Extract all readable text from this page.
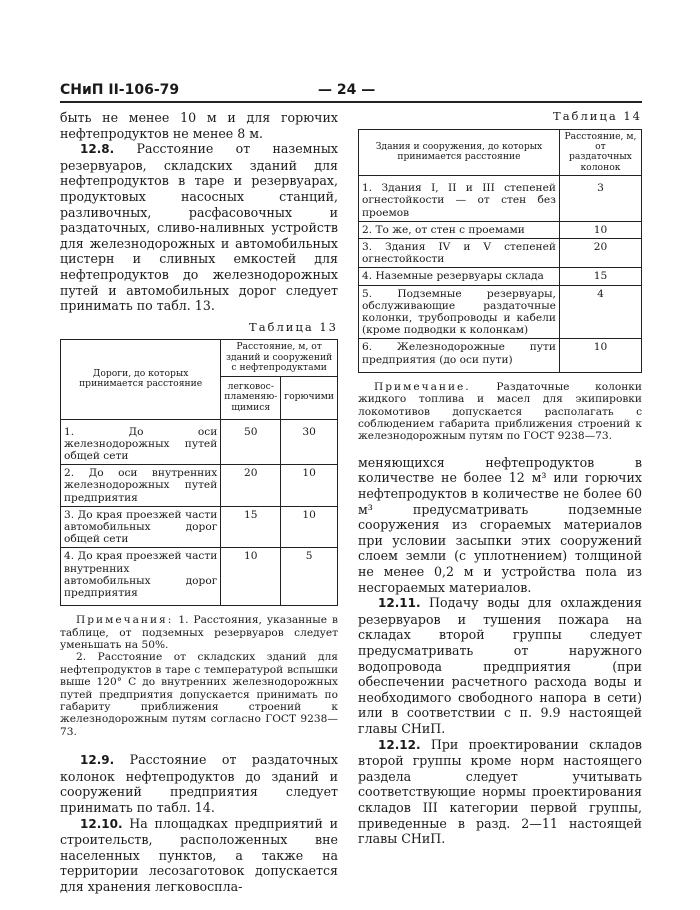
СНиП II-106-79	— 24 —

быть не менее 10 м и для горючих нефтепродуктов не менее 8 м.

12.8. Расстояние от наземных резервуаров, складских зданий для нефтепродуктов в таре и резервуарах, продуктовых насосных станций, разливочных, расфасовочных и раздаточных, сливо-наливных устройств для железнодорожных и автомобильных цистерн и сливных емкостей для нефтепродуктов до железнодорожных путей и автомобильных дорог следует принимать по табл. 13.

Таблица 13
Дороги, до которых принимается расстояние	Расстояние, м, от зданий и сооружений с нефтепродуктами	
	легковос-пламеняю-щимися	горючими
1. До оси железнодорожных путей общей сети	50	30
2. До оси внутренних железнодорожных путей предприятия	20	10
3. До края проезжей части автомобильных дорог общей сети	15	10
4. До края проезжей части внутренних автомобильных дорог предприятия	10	5

Примечания: 1. Расстояния, указанные в таблице, от подземных резервуаров следует уменьшать на 50%.

2. Расстояние от складских зданий для нефтепродуктов в таре с температурой вспышки выше 120° С до внутренних железнодорожных путей предприятия допускается принимать по габариту приближения строений к железнодорожным путям согласно ГОСТ 9238—73.

12.9. Расстояние от раздаточных колонок нефтепродуктов до зданий и сооружений предприятия следует принимать по табл. 14.

12.10. На площадках предприятий и строительств, расположенных вне населенных пунктов, а также на территории лесозаготовок допускается для хранения легковоспла-

Таблица 14
Здания и сооружения, до которых принимается расстояние	Расстояние, м, от раздаточных колонок
1. Здания I, II и III степеней огнестойкости — от стен без проемов	3
2. То же, от стен с проемами	10
3. Здания IV и V степеней огнестойкости	20
4. Наземные резервуары склада	15
5. Подземные резервуары, обслуживающие раздаточные колонки, трубопроводы и кабели (кроме подводки к колонкам)	4
6. Железнодорожные пути предприятия (до оси пути)	10

Примечание. Раздаточные колонки жидкого топлива и масел для экипировки локомотивов допускается располагать с соблюдением габарита приближения строений к железнодорожным путям по ГОСТ 9238—73.

меняющихся нефтепродуктов в количестве не более 12 м³ или горючих нефтепродуктов в количестве не более 60 м³ предусматривать подземные сооружения из сгораемых материалов при условии засыпки этих сооружений слоем земли (с уплотнением) толщиной не менее 0,2 м и устройства пола из несгораемых материалов.

12.11. Подачу воды для охлаждения резервуаров и тушения пожара на складах второй группы следует предусматривать от наружного водопровода предприятия (при обеспечении расчетного расхода воды и необходимого свободного напора в сети) или в соответствии с п. 9.9 настоящей главы СНиП.

12.12. При проектировании складов второй группы кроме норм настоящего раздела следует учитывать соответствующие нормы проектирования складов III категории первой группы, приведенные в разд. 2—11 настоящей главы СНиП.
